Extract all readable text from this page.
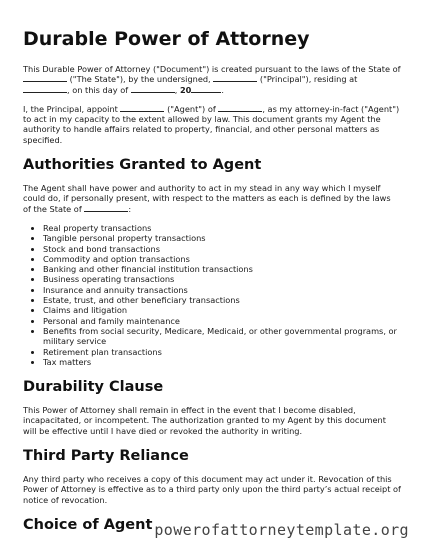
Durable Power of Attorney

This Durable Power of Attorney ("Document") is created pursuant to the laws of the State of  ("The State"), by the undersigned,	("Principal"), residing at , on this day of	, 20	.

I, the Principal, appoint	("Agent") of	, as my attorney-in-fact ("Agent") to act in my capacity to the extent allowed by law. This document grants my Agent the authority to handle affairs related to property, financial, and other personal matters as specified.

Authorities Granted to Agent

The Agent shall have power and authority to act in my stead in any way which I myself could do, if personally present, with respect to the matters as each is defined by the laws of the State of	:

• Real property transactions
• Tangible personal property transactions
• Stock and bond transactions
• Commodity and option transactions
• Banking and other financial institution transactions
• Business operating transactions
• Insurance and annuity transactions
• Estate, trust, and other beneficiary transactions
• Claims and litigation
• Personal and family maintenance
• Benefits from social security, Medicare, Medicaid, or other governmental programs, or military service
• Retirement plan transactions
• Tax matters
Durability Clause

This Power of Attorney shall remain in effect in the event that I become disabled, incapacitated, or incompetent. The authorization granted to my Agent by this document will be effective until I have died or revoked the authority in writing.

Third Party Reliance

Any third party who receives a copy of this document may act under it. Revocation of this Power of Attorney is effective as to a third party only upon the third party’s actual receipt of notice of revocation.

Choice of Agent powerofattorneytemplate.org
